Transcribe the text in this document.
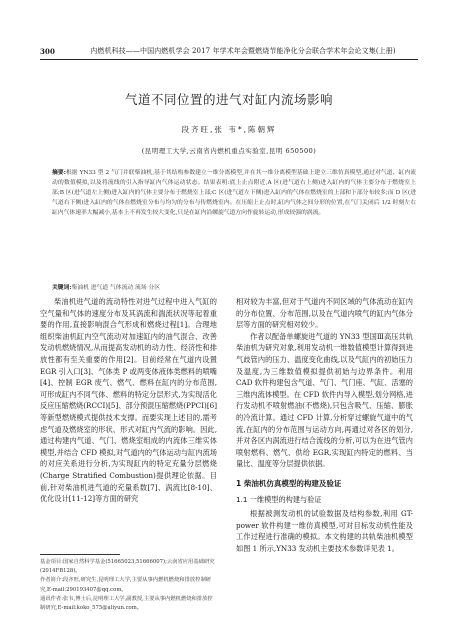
300	内燃机科技——中国内燃机学会 2017 年学术年会暨燃烧节能净化分会联合学术年会论文集(上册)
气道不同位置的进气对缸内流场影响
段齐旺,张 韦*,陈朝辉
(昆明理工大学,云南省内燃机重点实验室,昆明 650500)
摘要:根据 YN33 型 2 气门并联柴油机,基于其结构参数建立一维分离模型,并在其一维分离模型基础上建立三维仿真模型,通过对气道、缸内流动的数值模拟,以及将流线的引入指导缸内气体运动状态。结果表明:底上止点附近,A 区(进气道右上侧)进入缸内的气体主要分布于燃烧室上部;B 区(进气道左上侧)进入缸内的气体主要分布于燃烧室上部;C 区(进气道左下侧)进入缸内的气体在燃烧室的上部和下部分布较多;而 D 区(进气道右下侧)进入缸内的气体在燃烧室分布与均匀的分布与传燃烧室内。在压缩上止点时,缸内气体之间分形的位置,在气门关闭后 1/2 时刻左右缸内气体速率大幅减小,基本上不再发生较大变化,只是在缸内沿螺旋气道方向作旋转运动,形成较强的涡流。
关键词:柴油机 进气道 气体流动 流场 分区

柴油机进气道的流动特性对进气过程中进入气缸的空气量和气体的速度分布及其涡流和湍流状况等起着重要的作用,直接影响混合气形成和燃烧过程[1]。合理地组织柴油机缸内空气流动对加速缸内的油气混合、改善发动机燃烧情况,从而提高发动机的动力性、经济性和排放性都有至关重要的作用[2]。目前经常在气道内设置 EGR 引入口[3]、气体类 P 或两变体液体类燃料的喷嘴[4]、控制 EGR 废气、燃气、燃料在缸内的分布范围,可形成缸内不同气体、燃料的特定分层形式,为实现活化反应压缩燃烧(RCCI)[5]、部分预混压缩燃烧(PPCI)[6]等新型燃烧模式提供技术支撑。而要实现上述目的,需考虑气道及燃烧室的形状、形式对缸内气流的影响。因此,通过构建内气道、气门、燃烧室组成的内流体三维实体模型,并结合 CFD 模拟,对气道内的气体运动与缸内流场的对应关系进行分析,为实现缸内的特定充量分层燃烧(Charge Stratified Combustion)提供理论依据。目前,针对柴油机进气道的充量系数[7]、涡流比[8-10]、优化设计[11-12]等方面的研究

相对较为丰富,但对于气道内不同区域的气体流动在缸内的分布位置、分布范围,以及在气道内喷气的缸内气体分层等方面的研究相对较少。

作者以配备单螺旋进气道的 YN33 型国Ⅲ高压共轨柴油机为研究对象,利用发动机一维数值模型计算得到进气歧管内的压力、温度变化曲线,以及气缸内的初始压力及温度,为三维数值模拟提供初始与边界条件。利用 CAD 软件构建包含气道、气门、气门座、气缸、活塞的三维内流体模型。在 CFD 软件内导入模型,划分网格,进行发动机不喷射燃油(不燃烧),只包含吸气、压缩、膨胀的冷流计算。通过 CFD 计算,分析穿过螺旋气道中的气流,在缸内的分布范围与运动方向,再通过对各区的划分,并对各区内涡流进行结合流线的分析,可以为在进气管内喷射燃料、燃气、供给 EGR,实现缸内特定的燃料、当量比、温度等分层提供依据。

1 柴油机仿真模型的构建及验证
1.1 一维模型的构建与验证

根据被测发动机的试验数据及结构参数,利用 GT-power 软件构建一维仿真模型,可对目标发动机性能及工作过程进行准确的模拟。本文构建的共轨柴油机模型如图 1 所示,YN33 发动机主要技术参数详见表 1。

基金项目:国家自然科学基金(51665023,51666007);云南省应用基础研究(2014FB128)。
作者简介:段齐旺,研究生,昆明理工大学,主要从事内燃机燃烧和排放控制研究,E-mail:290193407@qq.com。
通讯作者:张韦,博士后,昆明理工大学,副教授,主要从事内燃机燃烧和排放控制研究,E-mail:koko_575@aliyun.com。
